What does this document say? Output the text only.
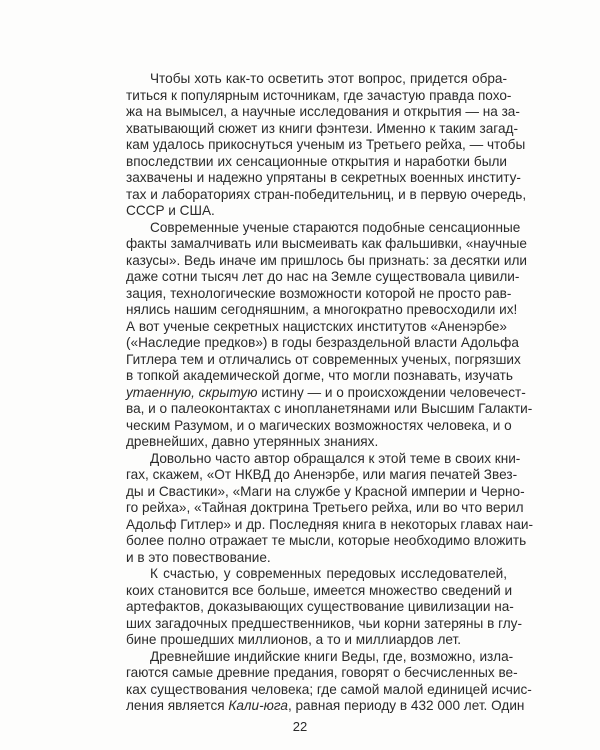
Чтобы хоть как-то осветить этот вопрос, придется обра-
титься к популярным источникам, где зачастую правда похо-
жа на вымысел, а научные исследования и открытия — на за-
хватывающий сюжет из книги фэнтези. Именно к таким загад-
кам удалось прикоснуться ученым из Третьего рейха, — чтобы
впоследствии их сенсационные открытия и наработки были
захвачены и надежно упрятаны в секретных военных институ-
тах и лабораториях стран-победительниц, и в первую очередь,
СССР и США.
Современные ученые стараются подобные сенсационные
факты замалчивать или высмеивать как фальшивки, «научные
казусы». Ведь иначе им пришлось бы признать: за десятки или
даже сотни тысяч лет до нас на Земле существовала цивили-
зация, технологические возможности которой не просто рав-
нялись нашим сегодняшним, а многократно превосходили их!
А вот ученые секретных нацистских институтов «Аненэрбе»
(«Наследие предков») в годы безраздельной власти Адольфа
Гитлера тем и отличались от современных ученых, погрязших
в топкой академической догме, что могли познавать, изучать
утаенную, скрытую истину — и о происхождении человечест-
ва, и о палеоконтактах с инопланетянами или Высшим Галакти-
ческим Разумом, и о магических возможностях человека, и о
древнейших, давно утерянных знаниях.
Довольно часто автор обращался к этой теме в своих кни-
гах, скажем, «От НКВД до Аненэрбе, или магия печатей Звез-
ды и Свастики», «Маги на службе у Красной империи и Черно-
го рейха», «Тайная доктрина Третьего рейха, или во что верил
Адольф Гитлер» и др. Последняя книга в некоторых главах наи-
более полно отражает те мысли, которые необходимо вложить
и в это повествование.
К счастью, у современных передовых исследователей,
коих становится все больше, имеется множество сведений и
артефактов, доказывающих существование цивилизации на-
ших загадочных предшественников, чьи корни затеряны в глу-
бине прошедших миллионов, а то и миллиардов лет.
Древнейшие индийские книги Веды, где, возможно, изла-
гаются самые древние предания, говорят о бесчисленных ве-
ках существования человека; где самой малой единицей исчис-
ления является Кали-юга, равная периоду в 432 000 лет. Один
22
